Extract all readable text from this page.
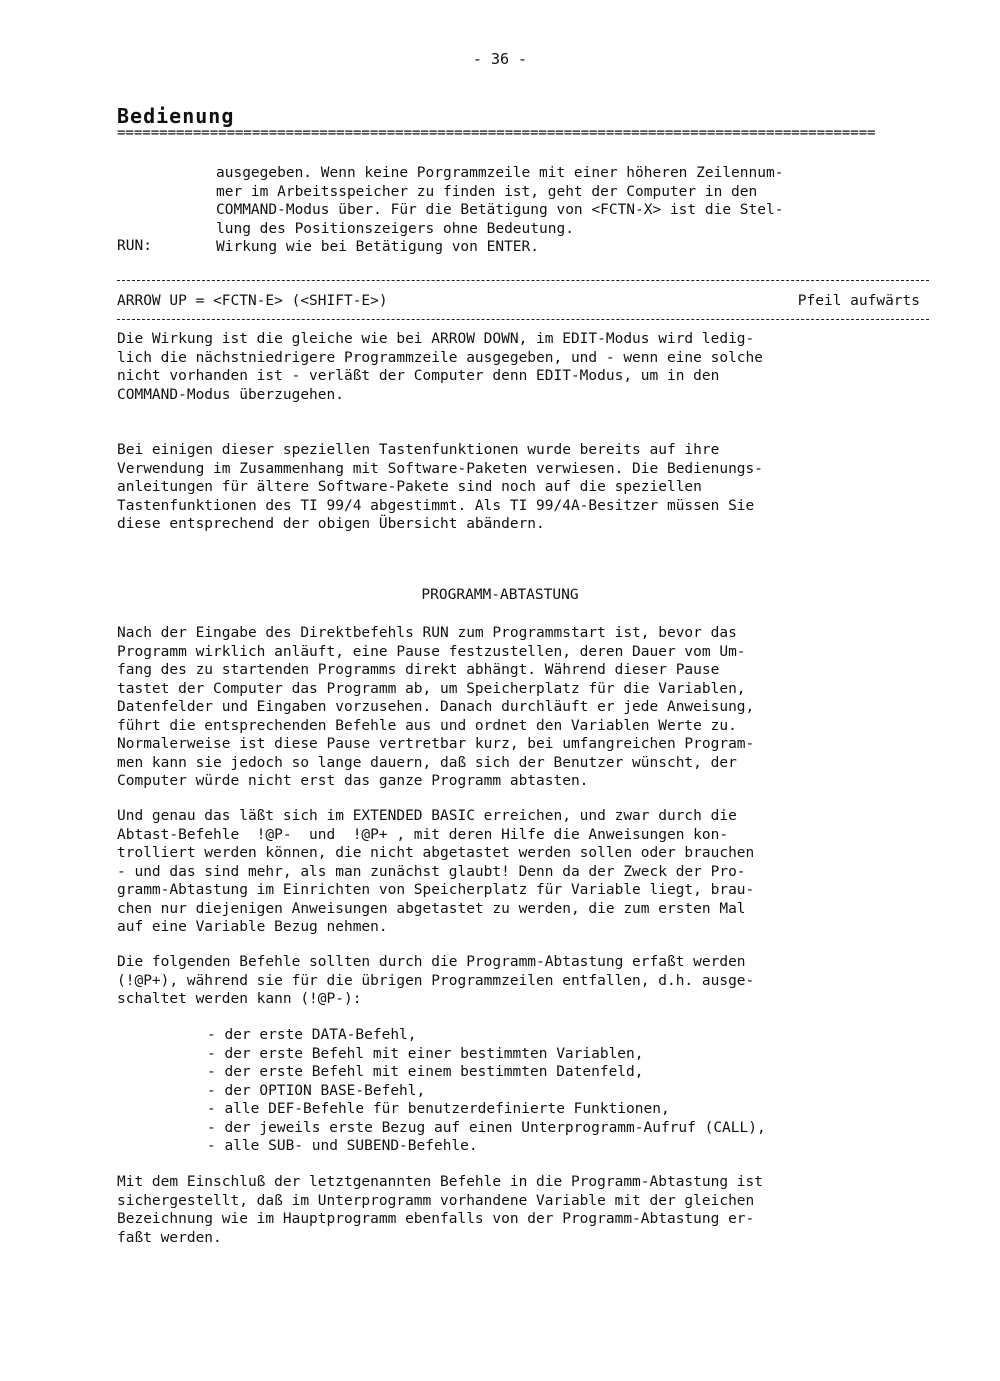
- 36 -
Bedienung
==========================================================================================
ausgegeben. Wenn keine Porgrammzeile mit einer höheren Zeilennum-
mer im Arbeitsspeicher zu finden ist, geht der Computer in den
COMMAND-Modus über. Für die Betätigung von <FCTN-X> ist die Stel-
lung des Positionszeigers ohne Bedeutung.
RUN:	Wirkung wie bei Betätigung von ENTER.
ARROW UP = <FCTN-E> (<SHIFT-E>)	Pfeil aufwärts
Die Wirkung ist die gleiche wie bei ARROW DOWN, im EDIT-Modus wird ledig-
lich die nächstniedrigere Programmzeile ausgegeben, und - wenn eine solche
nicht vorhanden ist - verläßt der Computer denn EDIT-Modus, um in den
COMMAND-Modus überzugehen.
Bei einigen dieser speziellen Tastenfunktionen wurde bereits auf ihre
Verwendung im Zusammenhang mit Software-Paketen verwiesen. Die Bedienungs-
anleitungen für ältere Software-Pakete sind noch auf die speziellen
Tastenfunktionen des TI 99/4 abgestimmt. Als TI 99/4A-Besitzer müssen Sie
diese entsprechend der obigen Übersicht abändern.
PROGRAMM-ABTASTUNG
Nach der Eingabe des Direktbefehls RUN zum Programmstart ist, bevor das
Programm wirklich anläuft, eine Pause festzustellen, deren Dauer vom Um-
fang des zu startenden Programms direkt abhängt. Während dieser Pause
tastet der Computer das Programm ab, um Speicherplatz für die Variablen,
Datenfelder und Eingaben vorzusehen. Danach durchläuft er jede Anweisung,
führt die entsprechenden Befehle aus und ordnet den Variablen Werte zu.
Normalerweise ist diese Pause vertretbar kurz, bei umfangreichen Program-
men kann sie jedoch so lange dauern, daß sich der Benutzer wünscht, der
Computer würde nicht erst das ganze Programm abtasten.
Und genau das läßt sich im EXTENDED BASIC erreichen, und zwar durch die
Abtast-Befehle  !@P-  und  !@P+ , mit deren Hilfe die Anweisungen kon-
trolliert werden können, die nicht abgetastet werden sollen oder brauchen
- und das sind mehr, als man zunächst glaubt! Denn da der Zweck der Pro-
gramm-Abtastung im Einrichten von Speicherplatz für Variable liegt, brau-
chen nur diejenigen Anweisungen abgetastet zu werden, die zum ersten Mal
auf eine Variable Bezug nehmen.
Die folgenden Befehle sollten durch die Programm-Abtastung erfaßt werden
(!@P+), während sie für die übrigen Programmzeilen entfallen, d.h. ausge-
schaltet werden kann (!@P-):
- der erste DATA-Befehl,
- der erste Befehl mit einer bestimmten Variablen,
- der erste Befehl mit einem bestimmten Datenfeld,
- der OPTION BASE-Befehl,
- alle DEF-Befehle für benutzerdefinierte Funktionen,
- der jeweils erste Bezug auf einen Unterprogramm-Aufruf (CALL),
- alle SUB- und SUBEND-Befehle.
Mit dem Einschluß der letztgenannten Befehle in die Programm-Abtastung ist
sichergestellt, daß im Unterprogramm vorhandene Variable mit der gleichen
Bezeichnung wie im Hauptprogramm ebenfalls von der Programm-Abtastung er-
faßt werden.
